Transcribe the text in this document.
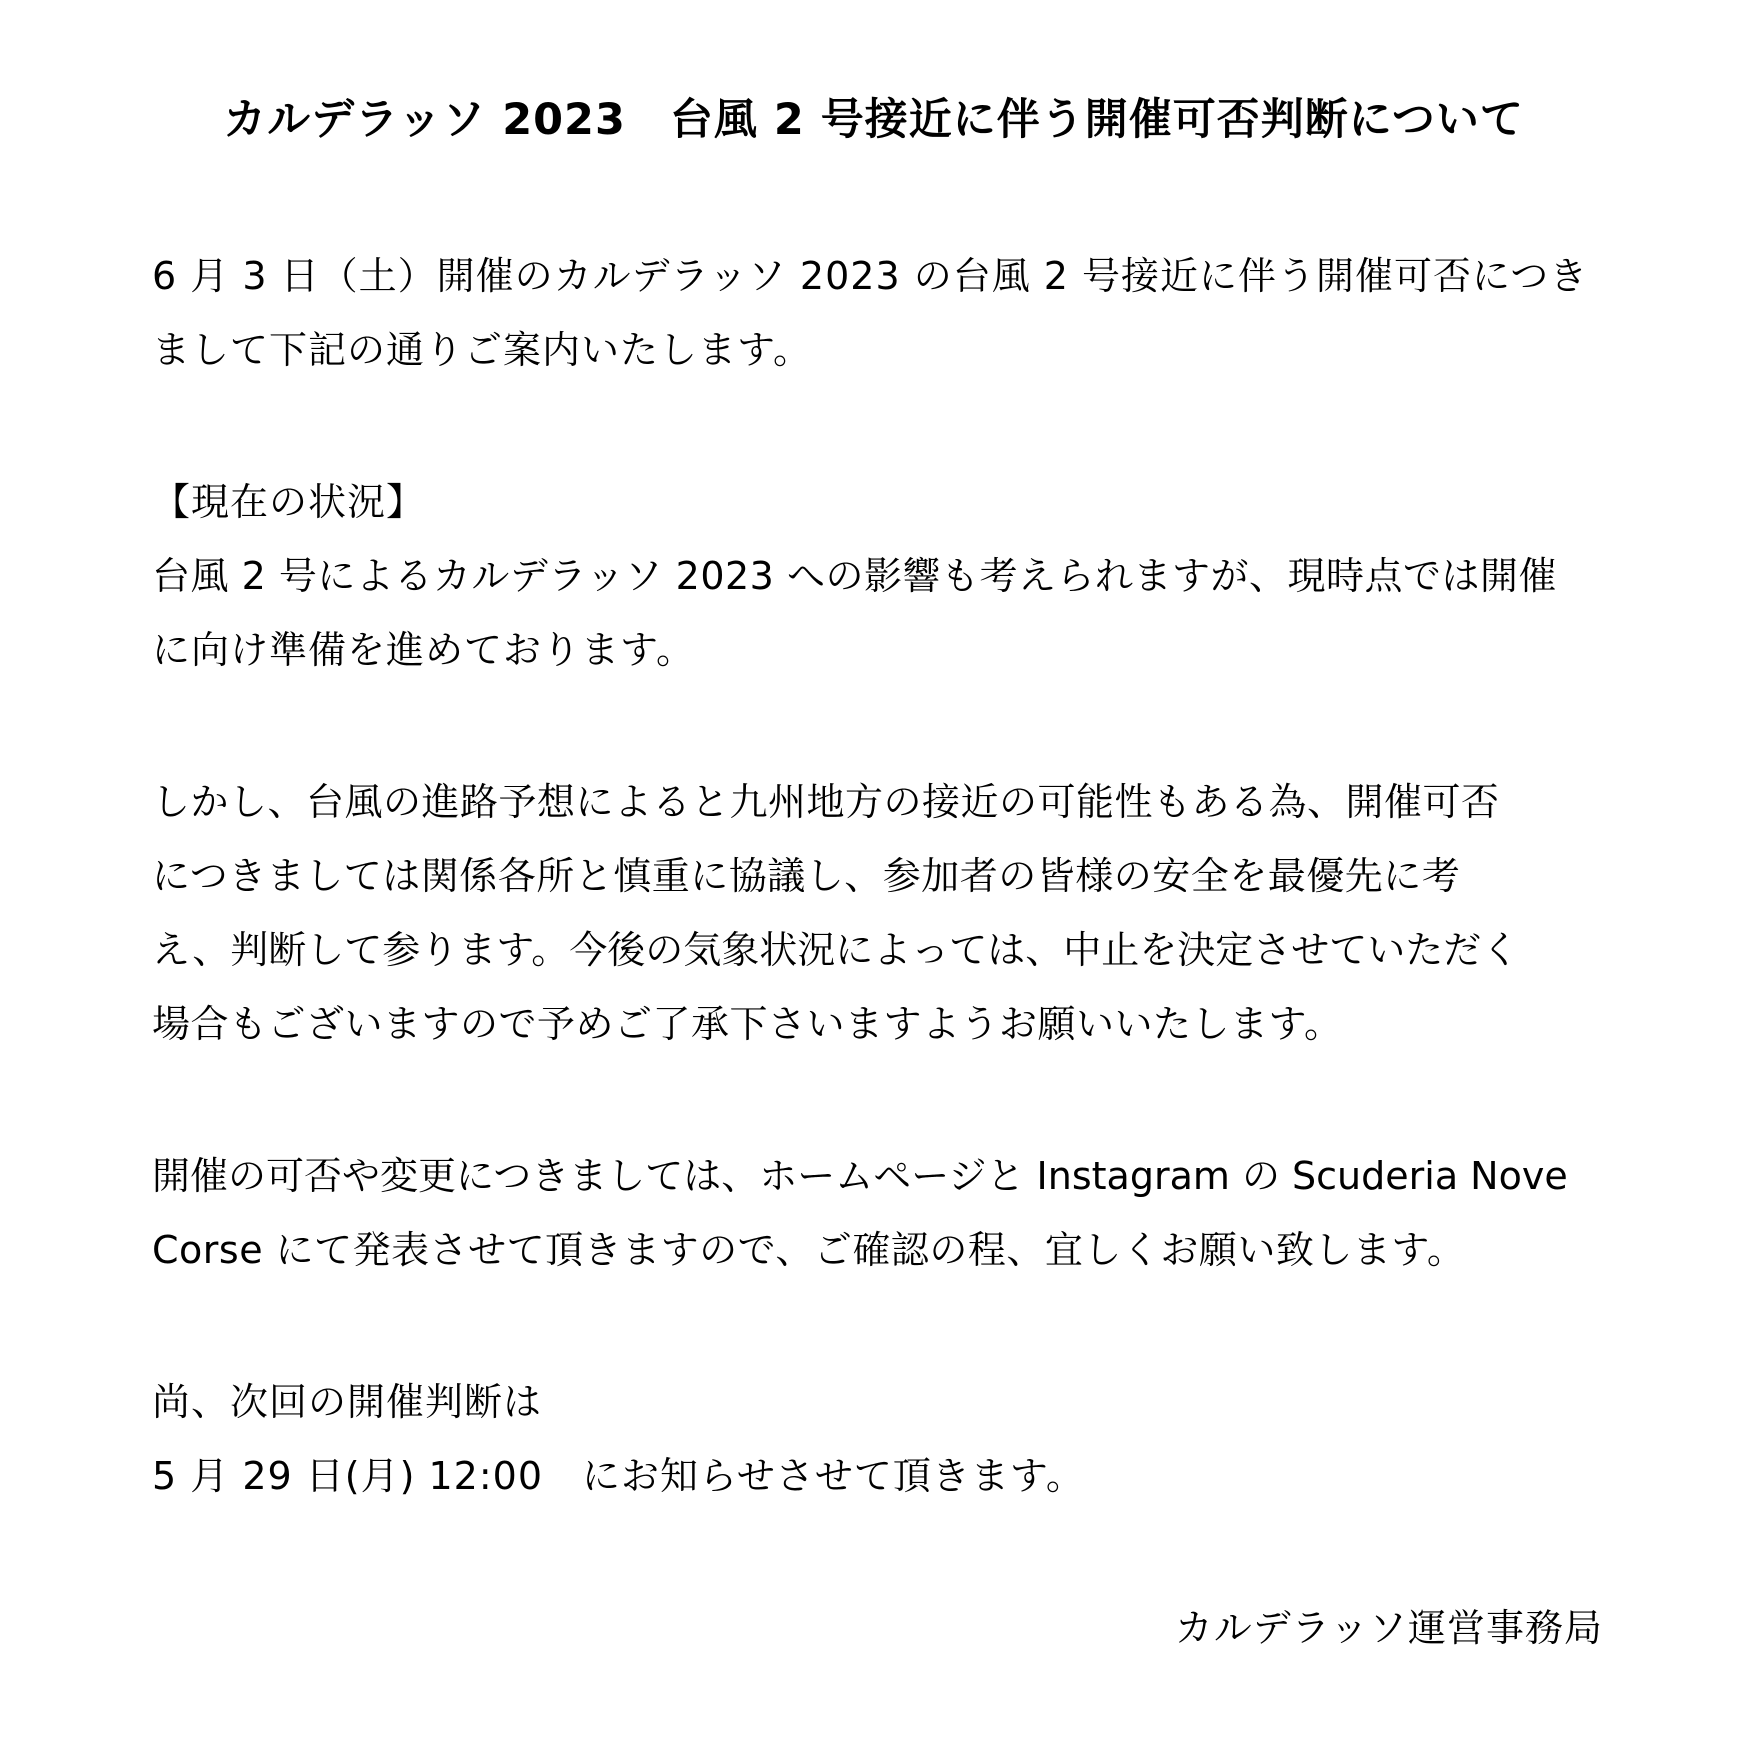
カルデラッソ 2023　台風 2 号接近に伴う開催可否判断について
6 月 3 日（土）開催のカルデラッソ 2023 の台風 2 号接近に伴う開催可否につき
まして下記の通りご案内いたします。
【現在の状況】
台風 2 号によるカルデラッソ 2023 への影響も考えられますが、現時点では開催
に向け準備を進めております。
しかし、台風の進路予想によると九州地方の接近の可能性もある為、開催可否
につきましては関係各所と慎重に協議し、参加者の皆様の安全を最優先に考
え、判断して参ります。今後の気象状況によっては、中止を決定させていただく
場合もございますので予めご了承下さいますようお願いいたします。
開催の可否や変更につきましては、ホームページと Instagram の Scuderia Nove
Corse にて発表させて頂きますので、ご確認の程、宜しくお願い致します。
尚、次回の開催判断は
5 月 29 日(月) 12:00　にお知らせさせて頂きます。
カルデラッソ運営事務局
